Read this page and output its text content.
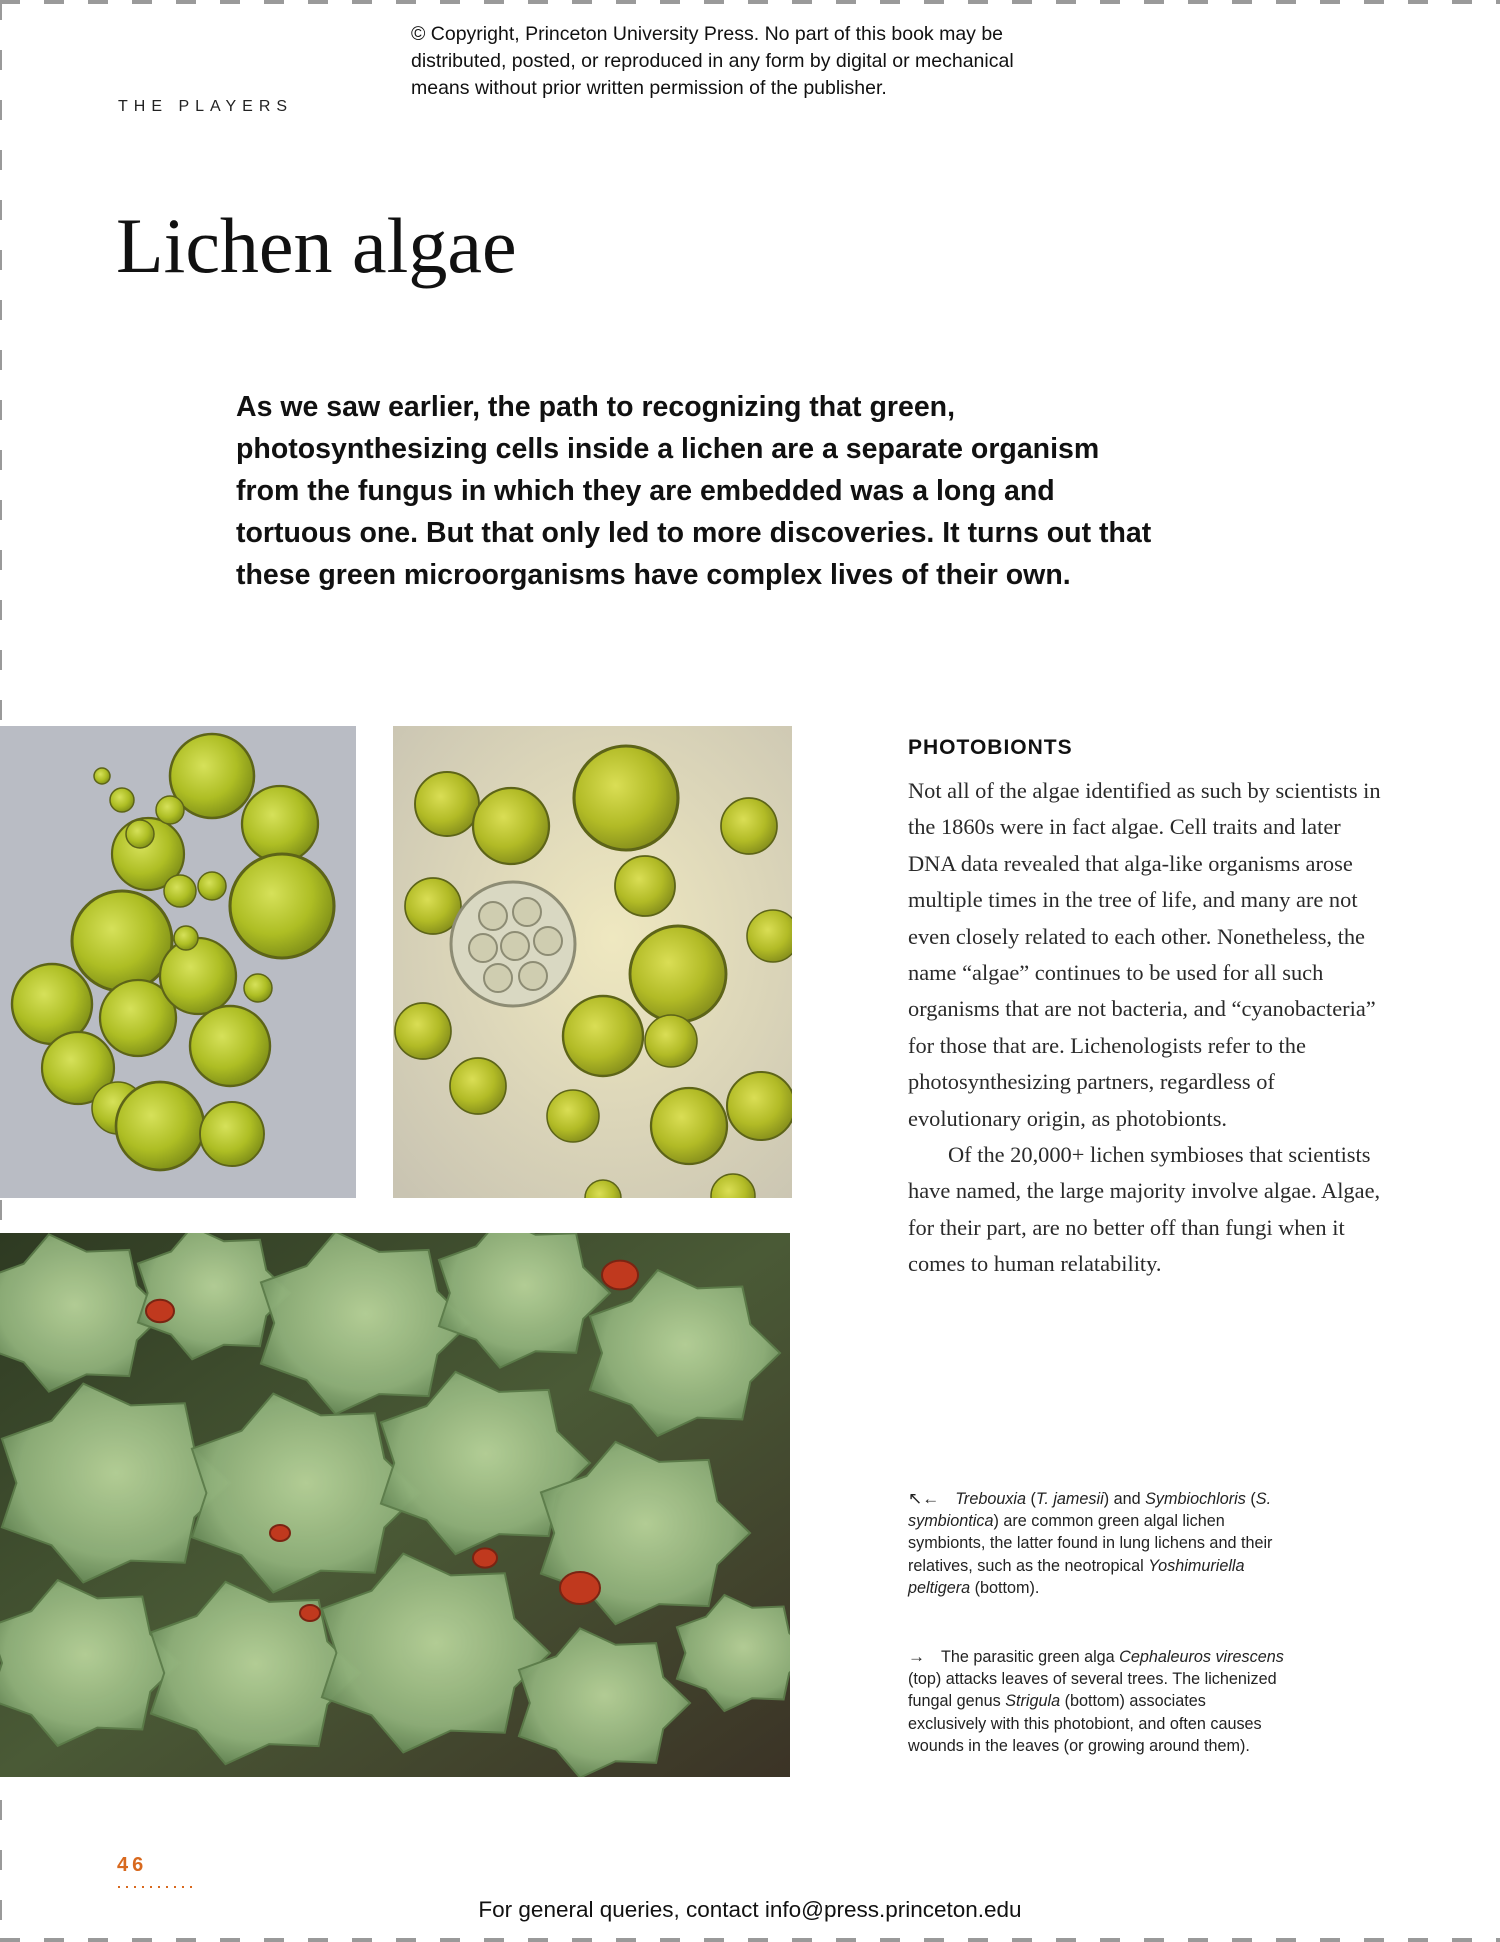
© Copyright, Princeton University Press. No part of this book may be
distributed, posted, or reproduced in any form by digital or mechanical
means without prior written permission of the publisher.
THE PLAYERS
Lichen algae

As we saw earlier, the path to recognizing that green, photosynthesizing cells inside a lichen are a separate organism from the fungus in which they are embedded was a long and tortuous one. But that only led to more discoveries. It turns out that these green microorganisms have complex lives of their own.

PHOTOBIONTS

Not all of the algae identified as such by scientists in the 1860s were in fact algae. Cell traits and later DNA data revealed that alga-like organisms arose multiple times in the tree of life, and many are not even closely related to each other. Nonetheless, the name “algae” continues to be used for all such organisms that are not bacteria, and “cyanobacteria” for those that are. Lichenologists refer to the photosynthesizing partners, regardless of evolutionary origin, as photobionts.

Of the 20,000+ lichen symbioses that scientists have named, the large majority involve algae. Algae, for their part, are no better off than fungi when it comes to human relatability.

↖← Trebouxia (T. jamesii) and Symbiochloris (S. symbiontica) are common green algal lichen symbionts, the latter found in lung lichens and their relatives, such as the neotropical Yoshimuriella peltigera (bottom).
→ The parasitic green alga Cephaleuros virescens (top) attacks leaves of several trees. The lichenized fungal genus Strigula (bottom) associates exclusively with this photobiont, and often causes wounds in the leaves (or growing around them).
46
For general queries, contact info@press.princeton.edu
